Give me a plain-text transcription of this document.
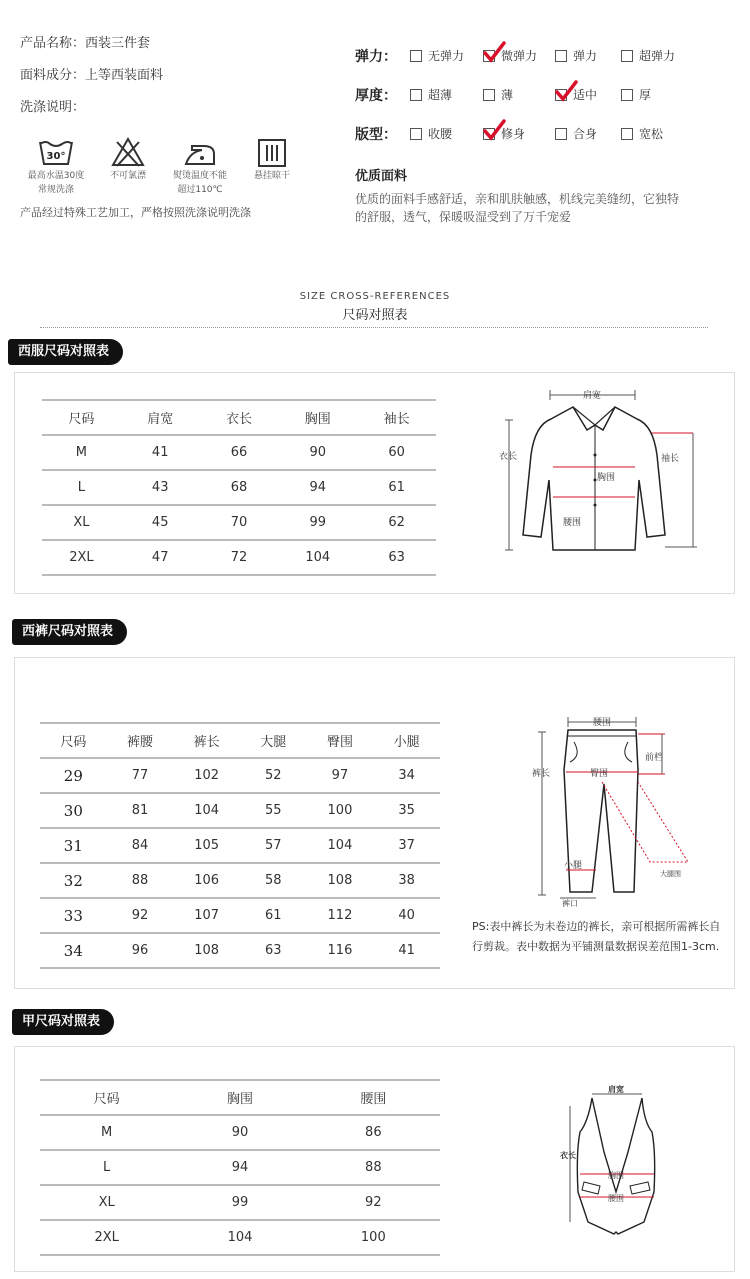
产品名称：西装三件套
面料成分：上等西装面料
洗涤说明：
30°
最高水温30度
常规洗涤
不可氯漂	熨烫温度不能
超过110℃
悬挂晾干
产品经过特殊工艺加工，严格按照洗涤说明洗涤
弹力：	无弹力	微弹力	弹力	超弹力
厚度：	超薄	薄	适中	厚
版型：	收腰	修身	合身	宽松
优质面料
优质的面料手感舒适，亲和肌肤触感，机线完美缝纫，它独特的舒服，透气，保暖吸湿受到了万千宠爱
SIZE CROSS-REFERENCES
尺码对照表
西服尺码对照表
尺码	肩宽	衣长	胸围	袖长
M	41	66	90	60
L	43	68	94	61
XL	45	70	99	62
2XL	47	72	104	63
肩宽
衣长	袖长
胸围
腰围
西裤尺码对照表
尺码	裤腰	裤长	大腿	臀围	小腿
29	77	102	52	97	34
30	81	104	55	100	35
31	84	105	57	104	37
32	88	106	58	108	38
33	92	107	61	112	40
34	96	108	63	116	41
腰围
裤长
前档
臀围
大腿围
小腿
裤口
PS:表中裤长为未卷边的裤长，亲可根据所需裤长自行剪裁。表中数据为平铺测量数据误差范围1-3cm.
甲尺码对照表
尺码	胸围	腰围
M	90	86
L	94	88
XL	99	92
2XL	104	100
肩宽
衣长
胸围
腰围
